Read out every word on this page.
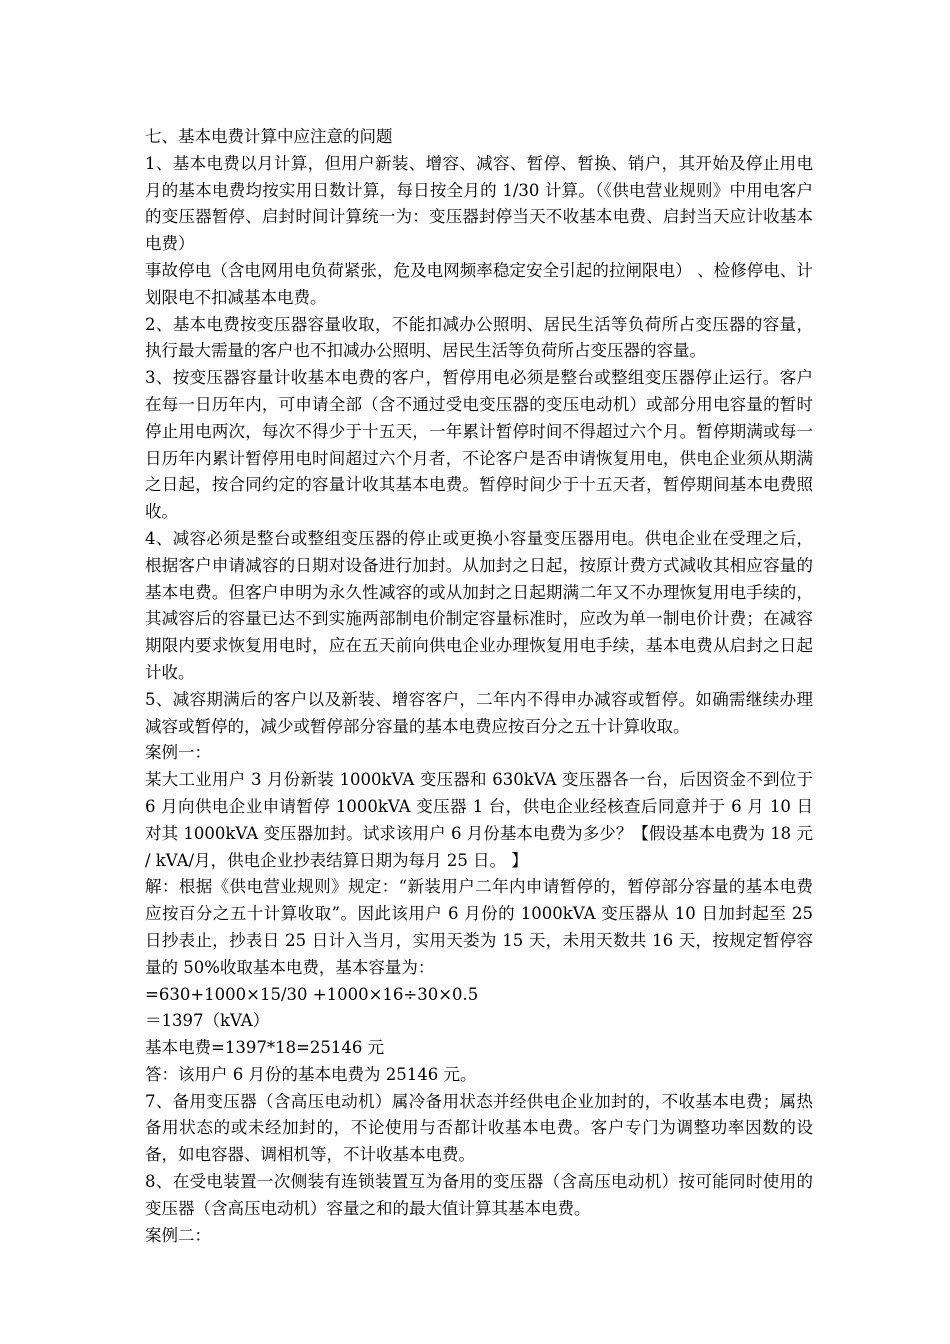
七、基本电费计算中应注意的问题

1、基本电费以月计算，但用户新装、增容、减容、暂停、暂换、销户，其开始及停止用电月的基本电费均按实用日数计算，每日按全月的 1/30 计算。（《供电营业规则》中用电客户的变压器暂停、启封时间计算统一为：变压器封停当天不收基本电费、启封当天应计收基本电费）

事故停电（含电网用电负荷紧张，危及电网频率稳定安全引起的拉闸限电） 、检修停电、计划限电不扣减基本电费。

2、基本电费按变压器容量收取，不能扣减办公照明、居民生活等负荷所占变压器的容量，执行最大需量的客户也不扣减办公照明、居民生活等负荷所占变压器的容量。

3、按变压器容量计收基本电费的客户，暂停用电必须是整台或整组变压器停止运行。客户在每一日历年内，可申请全部（含不通过受电变压器的变压电动机）或部分用电容量的暂时停止用电两次，每次不得少于十五天，一年累计暂停时间不得超过六个月。暂停期满或每一日历年内累计暂停用电时间超过六个月者，不论客户是否申请恢复用电，供电企业须从期满之日起，按合同约定的容量计收其基本电费。暂停时间少于十五天者，暂停期间基本电费照收。

4、减容必须是整台或整组变压器的停止或更换小容量变压器用电。供电企业在受理之后，根据客户申请减容的日期对设备进行加封。从加封之日起，按原计费方式减收其相应容量的基本电费。但客户申明为永久性减容的或从加封之日起期满二年又不办理恢复用电手续的，其减容后的容量已达不到实施两部制电价制定容量标准时，应改为单一制电价计费；在减容期限内要求恢复用电时，应在五天前向供电企业办理恢复用电手续，基本电费从启封之日起计收。

5、减容期满后的客户以及新装、增容客户，二年内不得申办减容或暂停。如确需继续办理减容或暂停的，减少或暂停部分容量的基本电费应按百分之五十计算收取。

案例一：

某大工业用户 3 月份新装 1000kVA 变压器和 630kVA 变压器各一台，后因资金不到位于 6 月向供电企业申请暂停 1000kVA 变压器 1 台，供电企业经核查后同意并于 6 月 10 日对其 1000kVA 变压器加封。试求该用户 6 月份基本电费为多少？【假设基本电费为 18 元 / kVA/月，供电企业抄表结算日期为每月 25 日。 】

解：根据《供电营业规则》规定：“新装用户二年内申请暂停的，暂停部分容量的基本电费应按百分之五十计算收取”。因此该用户 6 月份的 1000kVA 变压器从 10 日加封起至 25 日抄表止，抄表日 25 日计入当月，实用天娄为 15 天，未用天数共 16 天，按规定暂停容量的 50%收取基本电费，基本容量为：

=630+1000×15/30 +1000×16÷30×0.5

＝1397（kVA）

基本电费=1397*18=25146 元

答：该用户 6 月份的基本电费为 25146 元。

7、备用变压器（含高压电动机）属冷备用状态并经供电企业加封的，不收基本电费；属热备用状态的或未经加封的，不论使用与否都计收基本电费。客户专门为调整功率因数的设备，如电容器、调相机等，不计收基本电费。

8、在受电装置一次侧装有连锁装置互为备用的变压器（含高压电动机）按可能同时使用的变压器（含高压电动机）容量之和的最大值计算其基本电费。

案例二：
